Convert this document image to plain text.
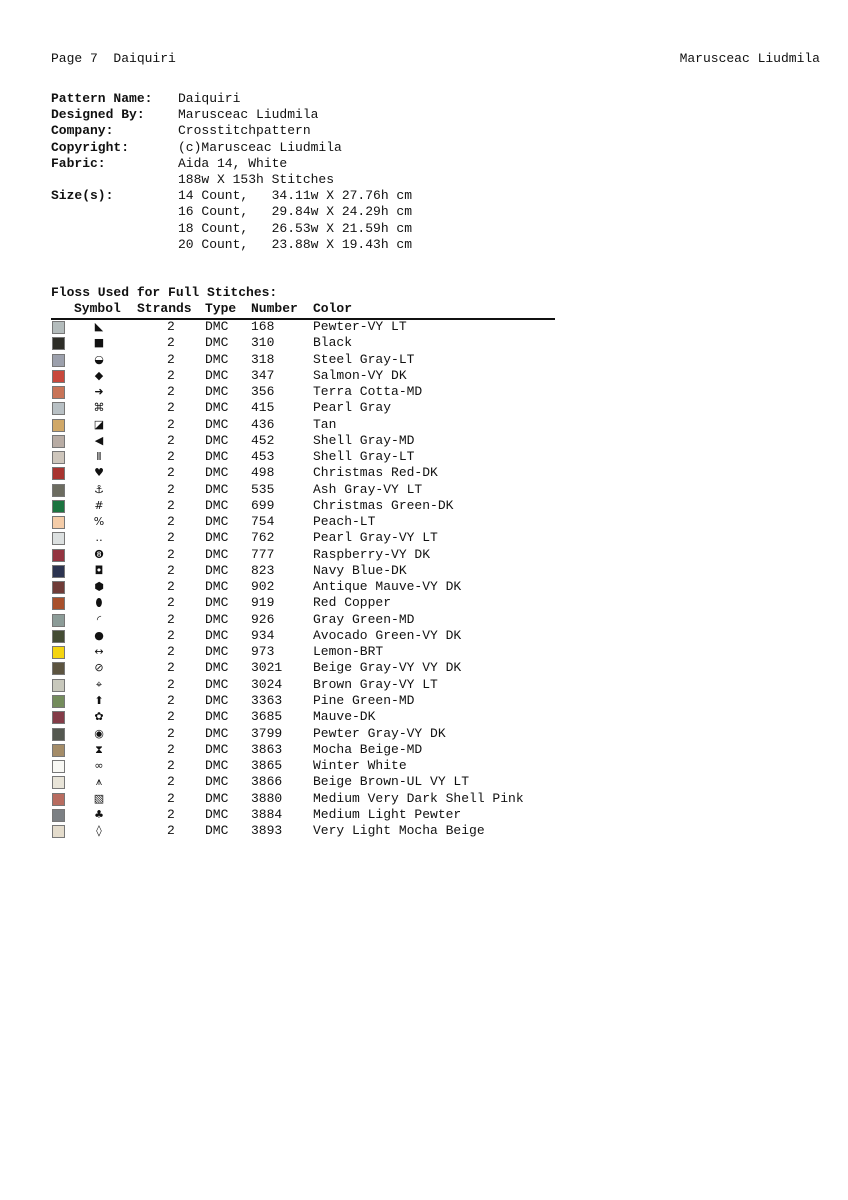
Page 7  Daiquiri	Marusceac Liudmila
Pattern Name: Daiquiri
Designed By:	Marusceac Liudmila
Company:	Crosstitchpattern
Copyright:	(c)Marusceac Liudmila
Fabric:	Aida 14, White
188w X 153h Stitches
Size(s):	14 Count,   34.11w X 27.76h cm
16 Count,   29.84w X 24.29h cm
18 Count,   26.53w X 21.59h cm
20 Count,   23.88w X 19.43h cm
Floss Used for Full Stitches:
Symbol Strands Type Number Color
◣	2 DMC 168	Pewter-VY LT
■	2 DMC 310	Black
◒	2 DMC 318	Steel Gray-LT
◆	2 DMC 347	Salmon-VY DK
➜	2 DMC 356	Terra Cotta-MD
⌘	2 DMC 415	Pearl Gray
◪	2 DMC 436	Tan
◀	2 DMC 452	Shell Gray-MD
Ⅱ	2 DMC 453	Shell Gray-LT
♥	2 DMC 498	Christmas Red-DK
⚓	2 DMC 535	Ash Gray-VY LT
#	2 DMC 699	Christmas Green-DK
%	2 DMC 754	Peach-LT
‥	2 DMC 762	Pearl Gray-VY LT
❽	2 DMC 777	Raspberry-VY DK
◘	2 DMC 823	Navy Blue-DK
⬢	2 DMC 902	Antique Mauve-VY DK
⬮	2 DMC 919	Red Copper
◜	2 DMC 926	Gray Green-MD
●	2 DMC 934	Avocado Green-VY DK
↔	2 DMC 973	Lemon-BRT
⊘	2 DMC 3021 Beige Gray-VY VY DK
⌖	2 DMC 3024 Brown Gray-VY LT
⬆	2 DMC 3363 Pine Green-MD
✿	2 DMC 3685 Mauve-DK
◉	2 DMC 3799 Pewter Gray-VY DK
⧗	2 DMC 3863 Mocha Beige-MD
∞	2 DMC 3865 Winter White
⩚	2 DMC 3866 Beige Brown-UL VY LT
▧	2 DMC 3880 Medium Very Dark Shell Pink
♣	2 DMC 3884 Medium Light Pewter
◊	2 DMC 3893 Very Light Mocha Beige
